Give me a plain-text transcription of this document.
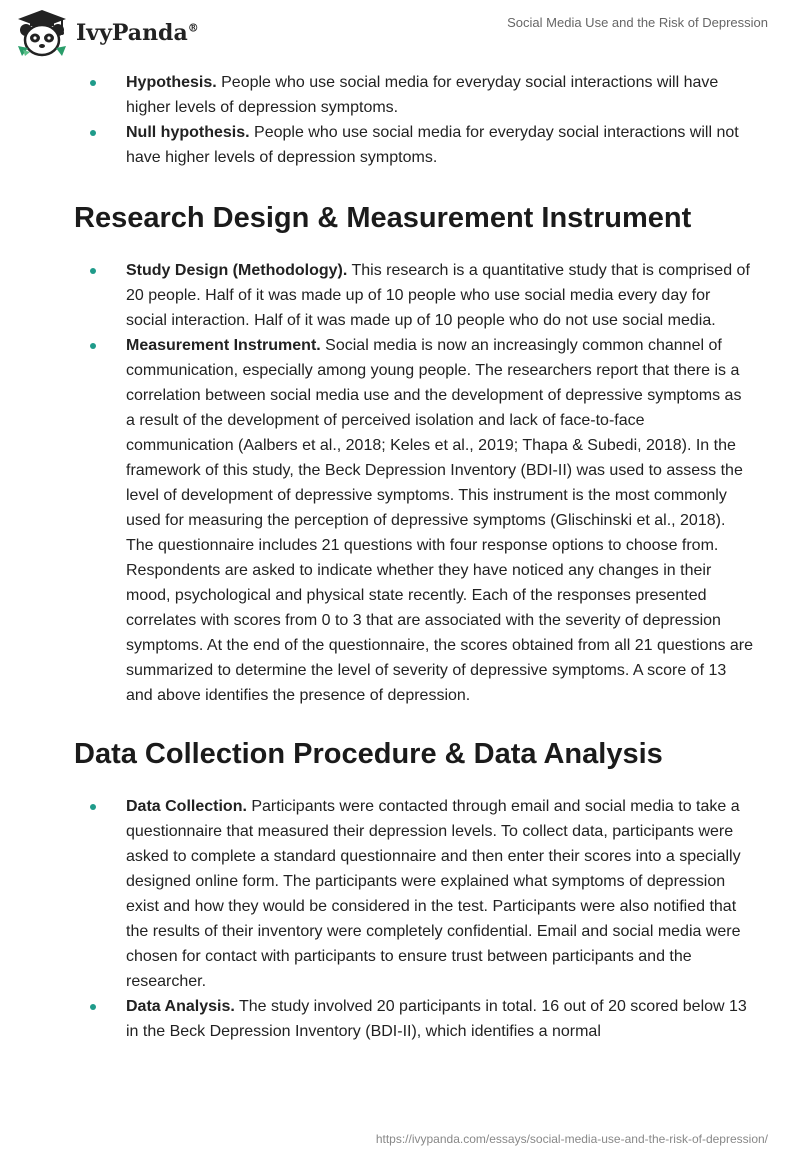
IvyPanda®	Social Media Use and the Risk of Depression
Hypothesis. People who use social media for everyday social interactions will have higher levels of depression symptoms.
Null hypothesis. People who use social media for everyday social interactions will not have higher levels of depression symptoms.
Research Design & Measurement Instrument
Study Design (Methodology). This research is a quantitative study that is comprised of 20 people. Half of it was made up of 10 people who use social media every day for social interaction. Half of it was made up of 10 people who do not use social media.
Measurement Instrument. Social media is now an increasingly common channel of communication, especially among young people. The researchers report that there is a correlation between social media use and the development of depressive symptoms as a result of the development of perceived isolation and lack of face-to-face communication (Aalbers et al., 2018; Keles et al., 2019; Thapa & Subedi, 2018). In the framework of this study, the Beck Depression Inventory (BDI-II) was used to assess the level of development of depressive symptoms. This instrument is the most commonly used for measuring the perception of depressive symptoms (Glischinski et al., 2018). The questionnaire includes 21 questions with four response options to choose from. Respondents are asked to indicate whether they have noticed any changes in their mood, psychological and physical state recently. Each of the responses presented correlates with scores from 0 to 3 that are associated with the severity of depression symptoms. At the end of the questionnaire, the scores obtained from all 21 questions are summarized to determine the level of severity of depressive symptoms. A score of 13 and above identifies the presence of depression.
Data Collection Procedure & Data Analysis
Data Collection. Participants were contacted through email and social media to take a questionnaire that measured their depression levels. To collect data, participants were asked to complete a standard questionnaire and then enter their scores into a specially designed online form. The participants were explained what symptoms of depression exist and how they would be considered in the test. Participants were also notified that the results of their inventory were completely confidential. Email and social media were chosen for contact with participants to ensure trust between participants and the researcher.
Data Analysis. The study involved 20 participants in total. 16 out of 20 scored below 13 in the Beck Depression Inventory (BDI-II), which identifies a normal
https://ivypanda.com/essays/social-media-use-and-the-risk-of-depression/
